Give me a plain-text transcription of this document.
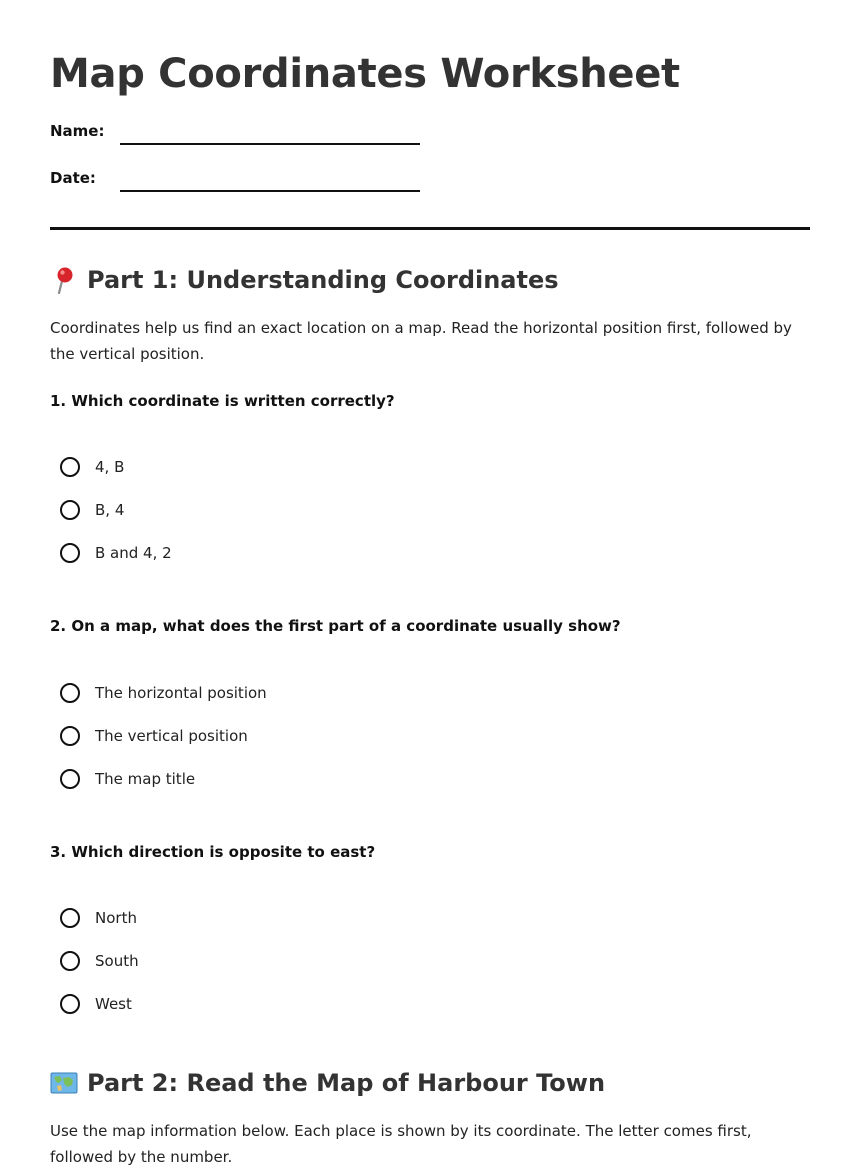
Map Coordinates Worksheet
Name:
Date:
Part 1: Understanding Coordinates

Coordinates help us find an exact location on a map. Read the horizontal position first, followed by the vertical position.

1. Which coordinate is written correctly?
4, B
B, 4
B and 4, 2
2. On a map, what does the first part of a coordinate usually show?
The horizontal position
The vertical position
The map title
3. Which direction is opposite to east?
North
South
West
Part 2: Read the Map of Harbour Town

Use the map information below. Each place is shown by its coordinate. The letter comes first, followed by the number.
